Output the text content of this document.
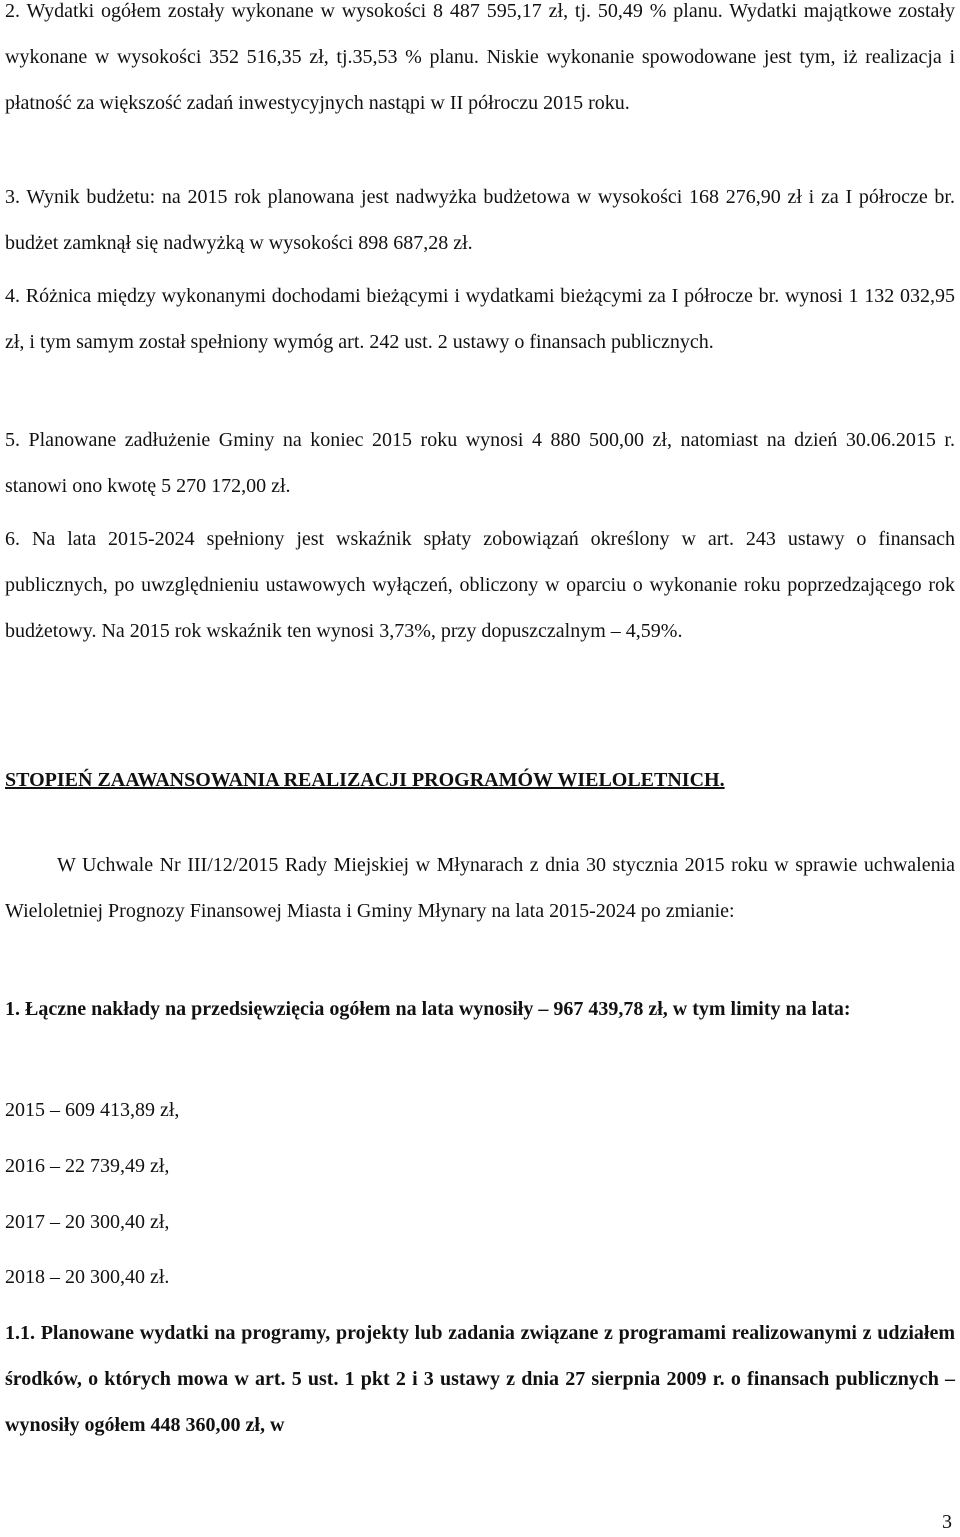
2. Wydatki ogółem zostały wykonane w wysokości 8 487 595,17 zł, tj. 50,49 % planu. Wydatki majątkowe zostały wykonane w wysokości 352 516,35 zł, tj.35,53 % planu. Niskie wykonanie spowodowane jest tym, iż realizacja i płatność za większość zadań inwestycyjnych nastąpi w II półroczu 2015 roku.

3. Wynik budżetu: na 2015 rok planowana jest nadwyżka budżetowa w wysokości 168 276,90 zł i za I półrocze br. budżet zamknął się nadwyżką w wysokości 898 687,28 zł.

4. Różnica między wykonanymi dochodami bieżącymi i wydatkami bieżącymi za I półrocze br. wynosi 1 132 032,95 zł, i tym samym został spełniony wymóg art. 242 ust. 2 ustawy o finansach publicznych.

5. Planowane zadłużenie Gminy na koniec 2015 roku wynosi 4 880 500,00 zł, natomiast na dzień 30.06.2015 r. stanowi ono kwotę 5 270 172,00 zł.

6. Na lata 2015-2024 spełniony jest wskaźnik spłaty zobowiązań określony w art. 243 ustawy o finansach publicznych, po uwzględnieniu ustawowych wyłączeń, obliczony w oparciu o wykonanie roku poprzedzającego rok budżetowy. Na 2015 rok wskaźnik ten wynosi 3,73%, przy dopuszczalnym – 4,59%.

STOPIEŃ ZAAWANSOWANIA REALIZACJI PROGRAMÓW WIELOLETNICH.

W Uchwale Nr III/12/2015 Rady Miejskiej w Młynarach z dnia 30 stycznia 2015 roku w sprawie uchwalenia Wieloletniej Prognozy Finansowej Miasta i Gminy Młynary na lata 2015-2024 po zmianie:

1. Łączne nakłady na przedsięwzięcia ogółem na lata wynosiły – 967 439,78 zł, w tym limity na lata:

2015 – 609 413,89 zł,
2016 – 22 739,49 zł,
2017 – 20 300,40 zł,
2018 – 20 300,40 zł.

1.1. Planowane wydatki na programy, projekty lub zadania związane z programami realizowanymi z udziałem środków, o których mowa w art. 5 ust. 1 pkt 2 i 3 ustawy z dnia 27 sierpnia 2009 r. o finansach publicznych – wynosiły ogółem 448 360,00 zł, w

3
